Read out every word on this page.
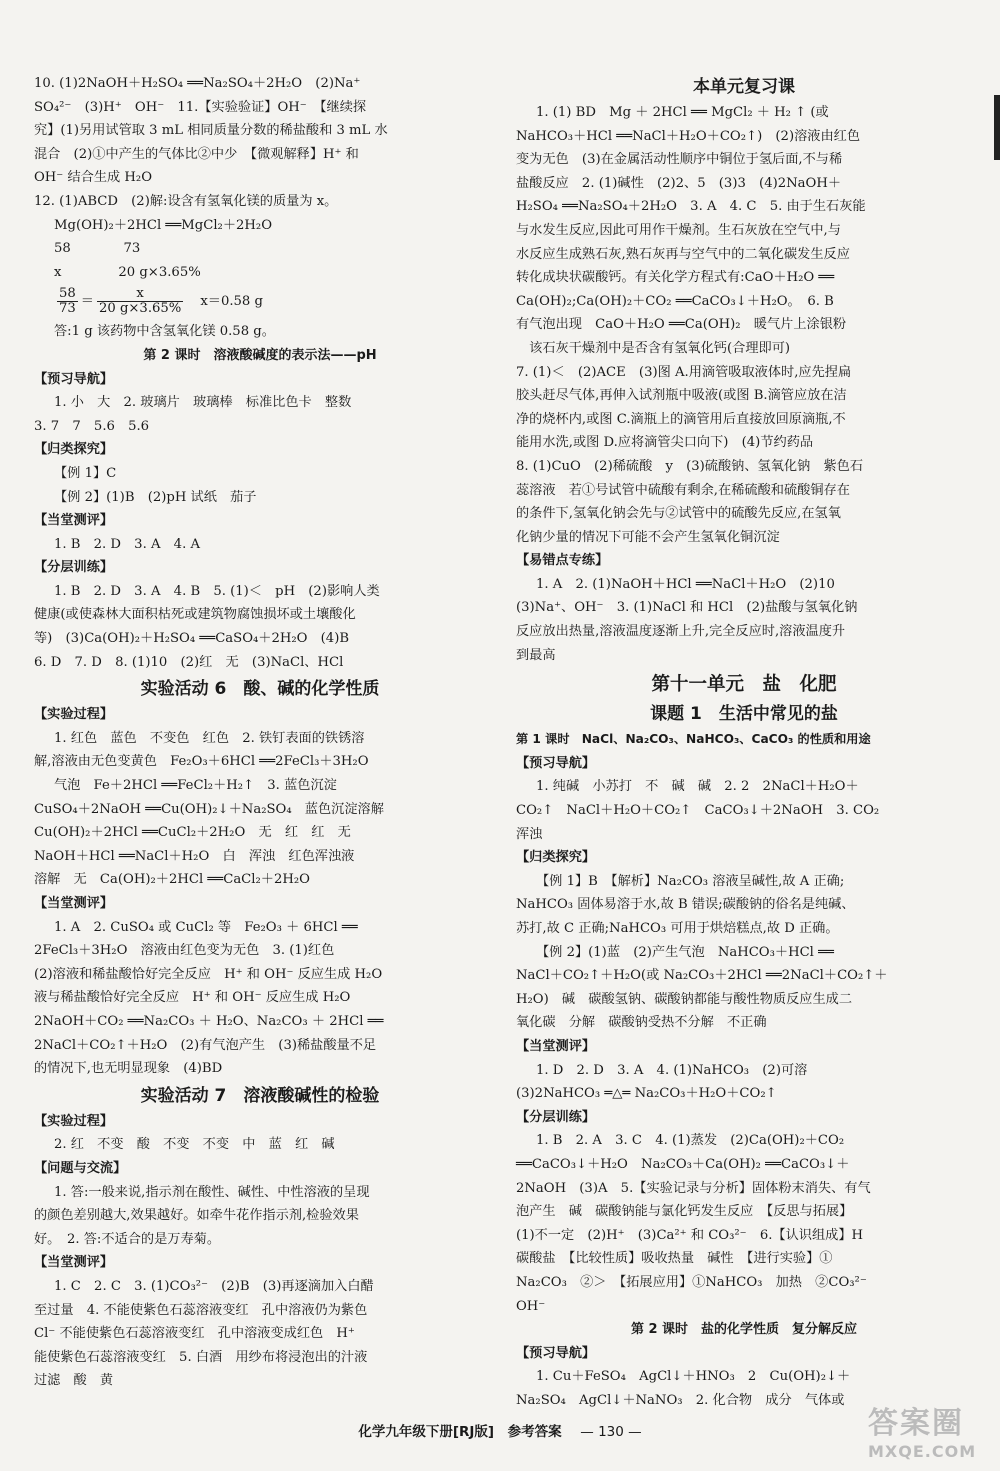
10. (1)2NaOH＋H₂SO₄ ══Na₂SO₄＋2H₂O　(2)Na⁺

SO₄²⁻　(3)H⁺　OH⁻　11.【实验验证】OH⁻　【继续探

究】(1)另用试管取 3 mL 相同质量分数的稀盐酸和 3 mL 水

混合　(2)①中产生的气体比②中少　【微观解释】H⁺ 和

OH⁻ 结合生成 H₂O

12. (1)ABCD　(2)解:设含有氢氧化镁的质量为 x。

Mg(OH)₂＋2HCl ══MgCl₂＋2H₂O

58　　　　73

x　　　　 20 g×3.65%

$\frac{58}{73} = \frac{x}{20 g\times 3.65\%} x=0.58$ g

答:1 g 该药物中含氢氧化镁 0.58 g。

第 2 课时　溶液酸碱度的表示法——pH

【预习导航】

1. 小　大　2. 玻璃片　玻璃棒　标准比色卡　整数

3. 7　7　5.6　5.6

【归类探究】

【例 1】C

【例 2】(1)B　(2)pH 试纸　茄子

【当堂测评】

1. B　2. D　3. A　4. A

【分层训练】

1. B　2. D　3. A　4. B　5. (1)＜　pH　(2)影响人类

健康(或使森林大面积枯死或建筑物腐蚀损坏或土壤酸化

等)　(3)Ca(OH)₂＋H₂SO₄ ══CaSO₄＋2H₂O　(4)B

6. D　7. D　8. (1)10　(2)红　无　(3)NaCl、HCl

实验活动 6　酸、碱的化学性质

【实验过程】

1. 红色　蓝色　不变色　红色　2. 铁钉表面的铁锈溶

解,溶液由无色变黄色　Fe₂O₃＋6HCl ══2FeCl₃＋3H₂O

气泡　Fe＋2HCl ══FeCl₂＋H₂↑　3. 蓝色沉淀

CuSO₄＋2NaOH ══Cu(OH)₂↓＋Na₂SO₄　蓝色沉淀溶解

Cu(OH)₂＋2HCl ══CuCl₂＋2H₂O　无　红　红　无

NaOH＋HCl ══NaCl＋H₂O　白　浑浊　红色浑浊液

溶解　无　Ca(OH)₂＋2HCl ══CaCl₂＋2H₂O

【当堂测评】

1. A　2. CuSO₄ 或 CuCl₂ 等　Fe₂O₃ ＋ 6HCl ══

2FeCl₃＋3H₂O　溶液由红色变为无色　3. (1)红色

(2)溶液和稀盐酸恰好完全反应　H⁺ 和 OH⁻ 反应生成 H₂O

液与稀盐酸恰好完全反应　H⁺ 和 OH⁻ 反应生成 H₂O

2NaOH＋CO₂ ══Na₂CO₃ ＋ H₂O、Na₂CO₃ ＋ 2HCl ══

2NaCl＋CO₂↑＋H₂O　(2)有气泡产生　(3)稀盐酸量不足

的情况下,也无明显现象　(4)BD

实验活动 7　溶液酸碱性的检验

【实验过程】

2. 红　不变　酸　不变　不变　中　蓝　红　碱

【问题与交流】

1. 答:一般来说,指示剂在酸性、碱性、中性溶液的呈现

的颜色差别越大,效果越好。如牵牛花作指示剂,检验效果

好。　2. 答:不适合的是万寿菊。

【当堂测评】

1. C　2. C　3. (1)CO₃²⁻　(2)B　(3)再逐滴加入白醋

至过量　4. 不能使紫色石蕊溶液变红　孔中溶液仍为紫色

Cl⁻ 不能使紫色石蕊溶液变红　孔中溶液变成红色　H⁺

能使紫色石蕊溶液变红　5. 白酒　用纱布将浸泡出的汁液

过滤　酸　黄

本单元复习课

1. (1) BD　Mg ＋ 2HCl ══ MgCl₂ ＋ H₂ ↑ (或

NaHCO₃＋HCl ══NaCl＋H₂O＋CO₂↑)　(2)溶液由红色

变为无色　(3)在金属活动性顺序中铜位于氢后面,不与稀

盐酸反应　2. (1)碱性　(2)2、5　(3)3　(4)2NaOH＋

H₂SO₄ ══Na₂SO₄＋2H₂O　3. A　4. C　5. 由于生石灰能

与水发生反应,因此可用作干燥剂。生石灰放在空气中,与

水反应生成熟石灰,熟石灰再与空气中的二氧化碳发生反应

转化成块状碳酸钙。有关化学方程式有:CaO＋H₂O ══

Ca(OH)₂;Ca(OH)₂＋CO₂ ══CaCO₃↓＋H₂O。　6. B

有气泡出现　CaO＋H₂O ══Ca(OH)₂　暖气片上涂银粉

　该石灰干燥剂中是否含有氢氧化钙(合理即可)

7. (1)＜　(2)ACE　(3)图 A.用滴管吸取液体时,应先捏扁

胶头赶尽气体,再伸入试剂瓶中吸液(或图 B.滴管应放在洁

净的烧杯内,或图 C.滴瓶上的滴管用后直接放回原滴瓶,不

能用水洗,或图 D.应将滴管尖口向下)　(4)节约药品

8. (1)CuO　(2)稀硫酸　y　(3)硫酸钠、氢氧化钠　紫色石

蕊溶液　若①号试管中硫酸有剩余,在稀硫酸和硫酸铜存在

的条件下,氢氧化钠会先与②试管中的硫酸先反应,在氢氧

化钠少量的情况下可能不会产生氢氧化铜沉淀

【易错点专练】

1. A　2. (1)NaOH＋HCl ══NaCl＋H₂O　(2)10

(3)Na⁺、OH⁻　3. (1)NaCl 和 HCl　(2)盐酸与氢氧化钠

反应放出热量,溶液温度逐渐上升,完全反应时,溶液温度升

到最高

第十一单元　盐　化肥
课题 1　生活中常见的盐

第 1 课时　NaCl、Na₂CO₃、NaHCO₃、CaCO₃ 的性质和用途

【预习导航】

1. 纯碱　小苏打　不　碱　碱　2. 2　2NaCl＋H₂O＋

CO₂↑　NaCl＋H₂O＋CO₂↑　CaCO₃↓＋2NaOH　3. CO₂

浑浊

【归类探究】

【例 1】B　【解析】Na₂CO₃ 溶液呈碱性,故 A 正确;

NaHCO₃ 固体易溶于水,故 B 错误;碳酸钠的俗名是纯碱、

苏打,故 C 正确;NaHCO₃ 可用于烘焙糕点,故 D 正确。

【例 2】(1)蓝　(2)产生气泡　NaHCO₃＋HCl ══

NaCl＋CO₂↑＋H₂O(或 Na₂CO₃＋2HCl ══2NaCl＋CO₂↑＋

H₂O)　碱　碳酸氢钠、碳酸钠都能与酸性物质反应生成二

氧化碳　分解　碳酸钠受热不分解　不正确

【当堂测评】

1. D　2. D　3. A　4. (1)NaHCO₃　(2)可溶

(3)2NaHCO₃ ═△═ Na₂CO₃＋H₂O＋CO₂↑

【分层训练】

1. B　2. A　3. C　4. (1)蒸发　(2)Ca(OH)₂＋CO₂

══CaCO₃↓＋H₂O　Na₂CO₃＋Ca(OH)₂ ══CaCO₃↓＋

2NaOH　(3)A　5.【实验记录与分析】固体粉末消失、有气

泡产生　碱　碳酸钠能与氯化钙发生反应　【反思与拓展】

(1)不一定　(2)H⁺　(3)Ca²⁺ 和 CO₃²⁻　6.【认识组成】H

碳酸盐　【比较性质】吸收热量　碱性　【进行实验】①

Na₂CO₃　②＞　【拓展应用】①NaHCO₃　加热　②CO₃²⁻

OH⁻

第 2 课时　盐的化学性质　复分解反应

【预习导航】

1. Cu＋FeSO₄　AgCl↓＋HNO₃　2　Cu(OH)₂↓＋

Na₂SO₄　AgCl↓＋NaNO₃　2. 化合物　成分　气体或

化学九年级下册[RJ版]　参考答案 — 130 —	答案圈
MXQE.COM
